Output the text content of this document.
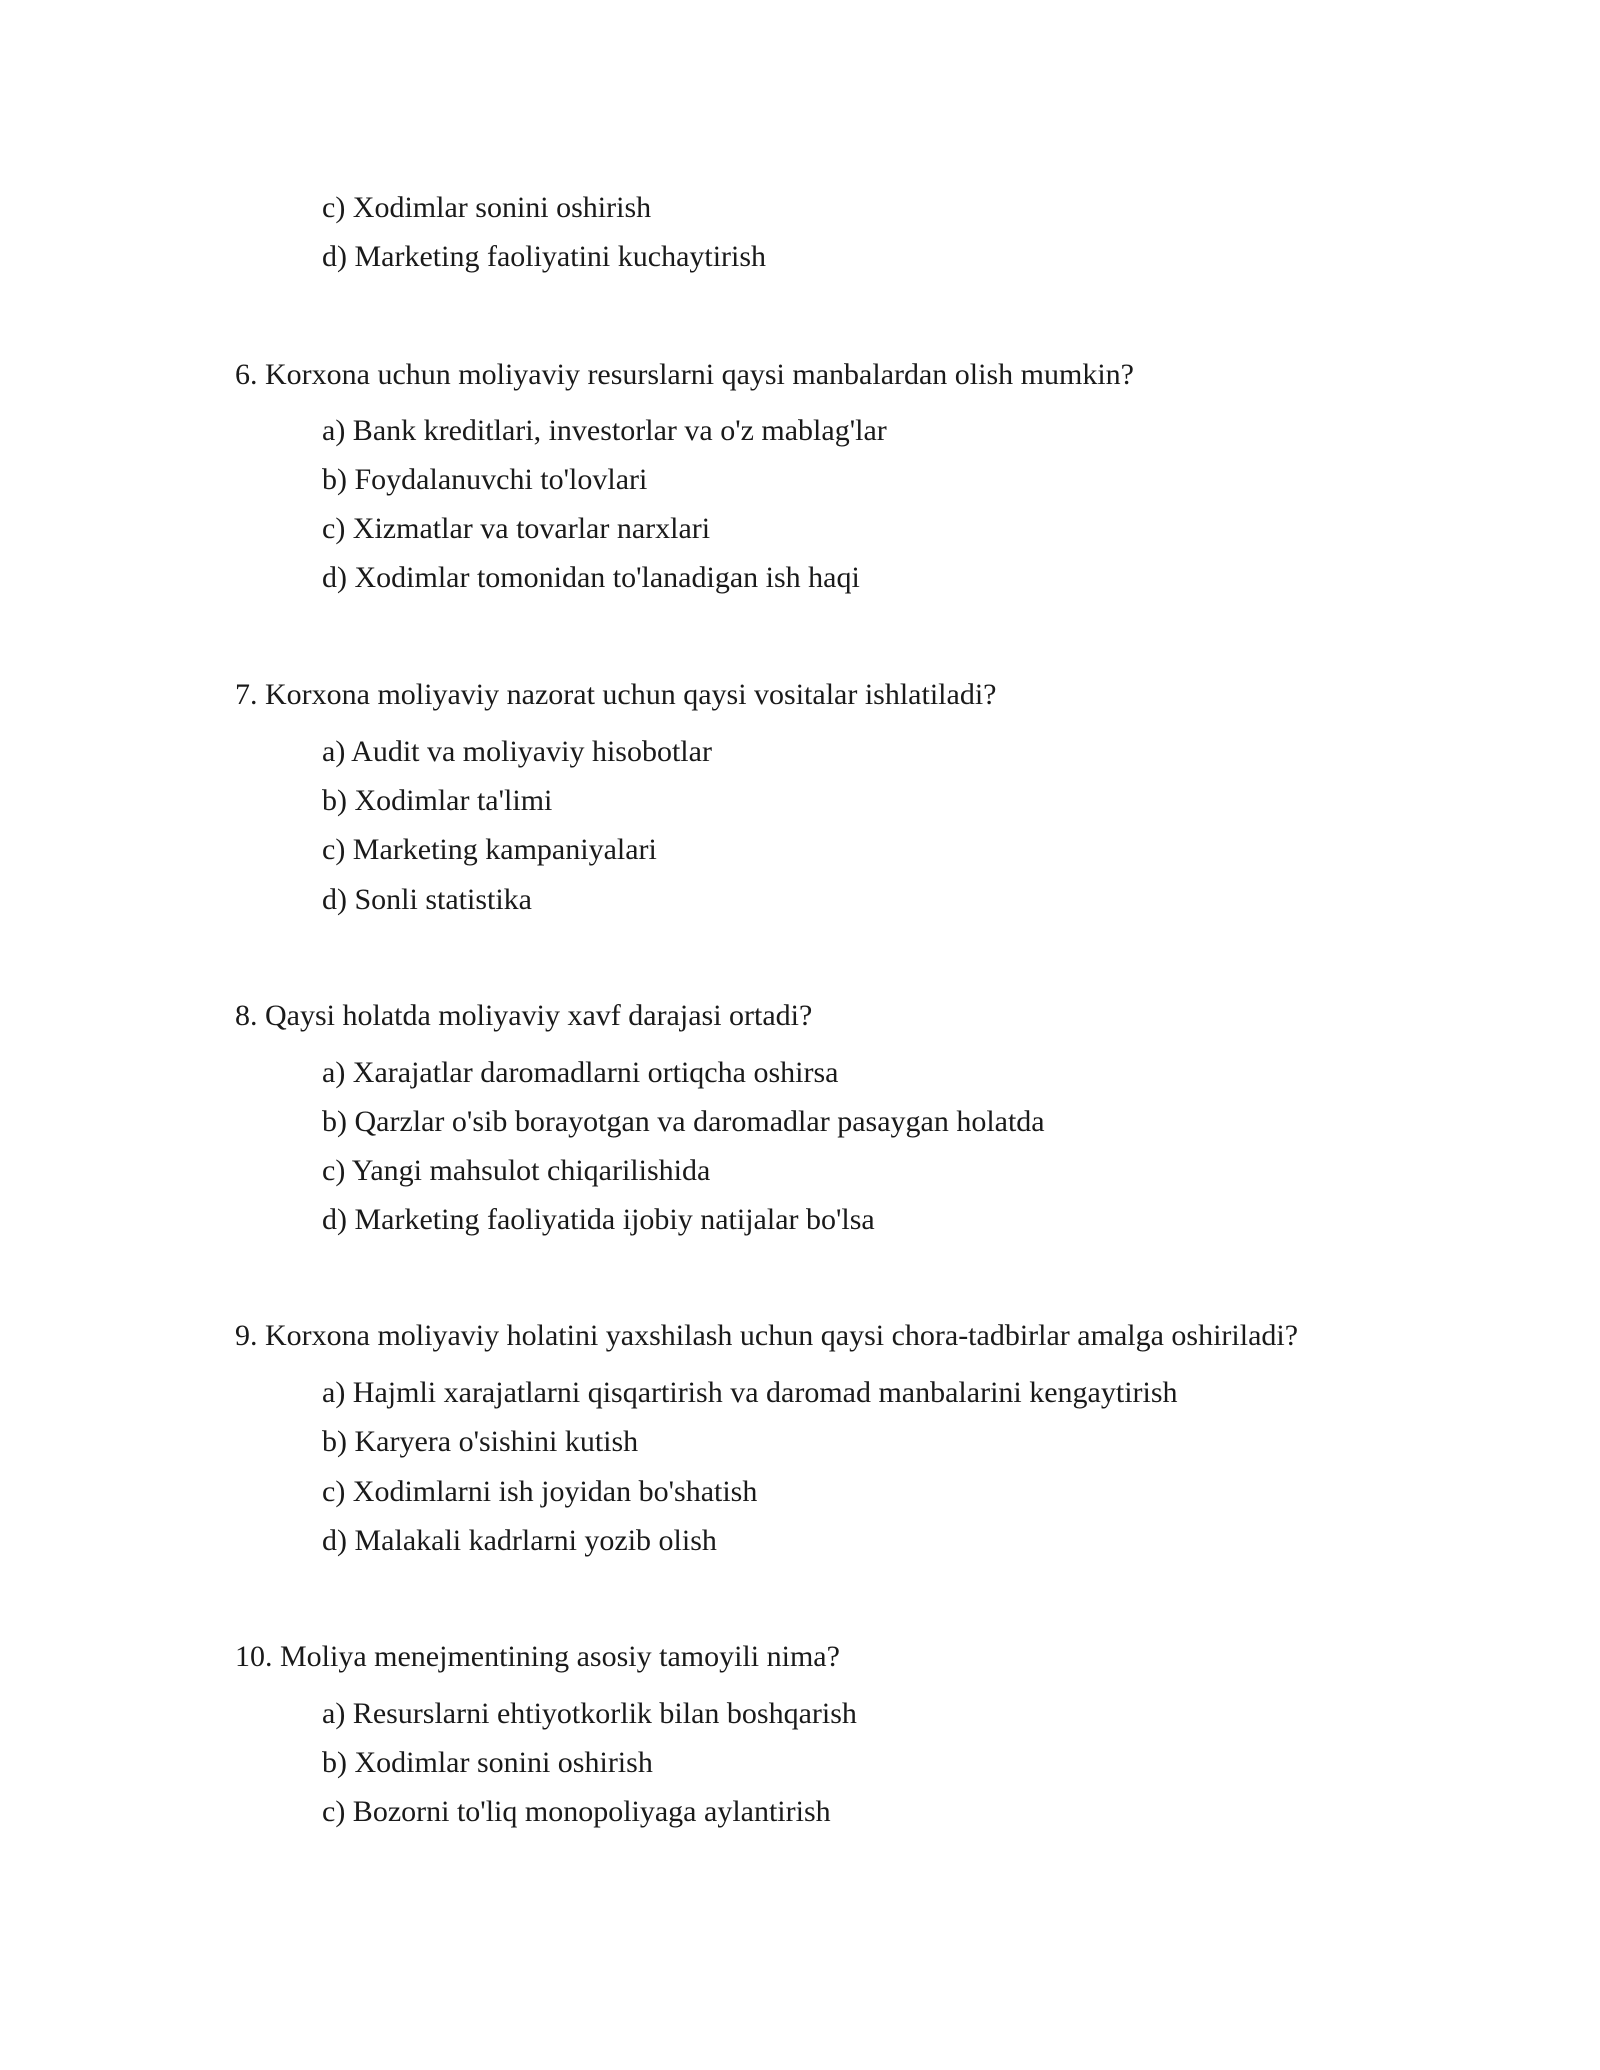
c) Xodimlar sonini oshirish
d) Marketing faoliyatini kuchaytirish
6. Korxona uchun moliyaviy resurslarni qaysi manbalardan olish mumkin?
a) Bank kreditlari, investorlar va o'z mablag'lar
b) Foydalanuvchi to'lovlari
c) Xizmatlar va tovarlar narxlari
d) Xodimlar tomonidan to'lanadigan ish haqi
7. Korxona moliyaviy nazorat uchun qaysi vositalar ishlatiladi?
a) Audit va moliyaviy hisobotlar
b) Xodimlar ta'limi
c) Marketing kampaniyalari
d) Sonli statistika
8. Qaysi holatda moliyaviy xavf darajasi ortadi?
a) Xarajatlar daromadlarni ortiqcha oshirsa
b) Qarzlar o'sib borayotgan va daromadlar pasaygan holatda
c) Yangi mahsulot chiqarilishida
d) Marketing faoliyatida ijobiy natijalar bo'lsa
9. Korxona moliyaviy holatini yaxshilash uchun qaysi chora-tadbirlar amalga oshiriladi?
a) Hajmli xarajatlarni qisqartirish va daromad manbalarini kengaytirish
b) Karyera o'sishini kutish
c) Xodimlarni ish joyidan bo'shatish
d) Malakali kadrlarni yozib olish
10. Moliya menejmentining asosiy tamoyili nima?
a) Resurslarni ehtiyotkorlik bilan boshqarish
b) Xodimlar sonini oshirish
c) Bozorni to'liq monopoliyaga aylantirish
